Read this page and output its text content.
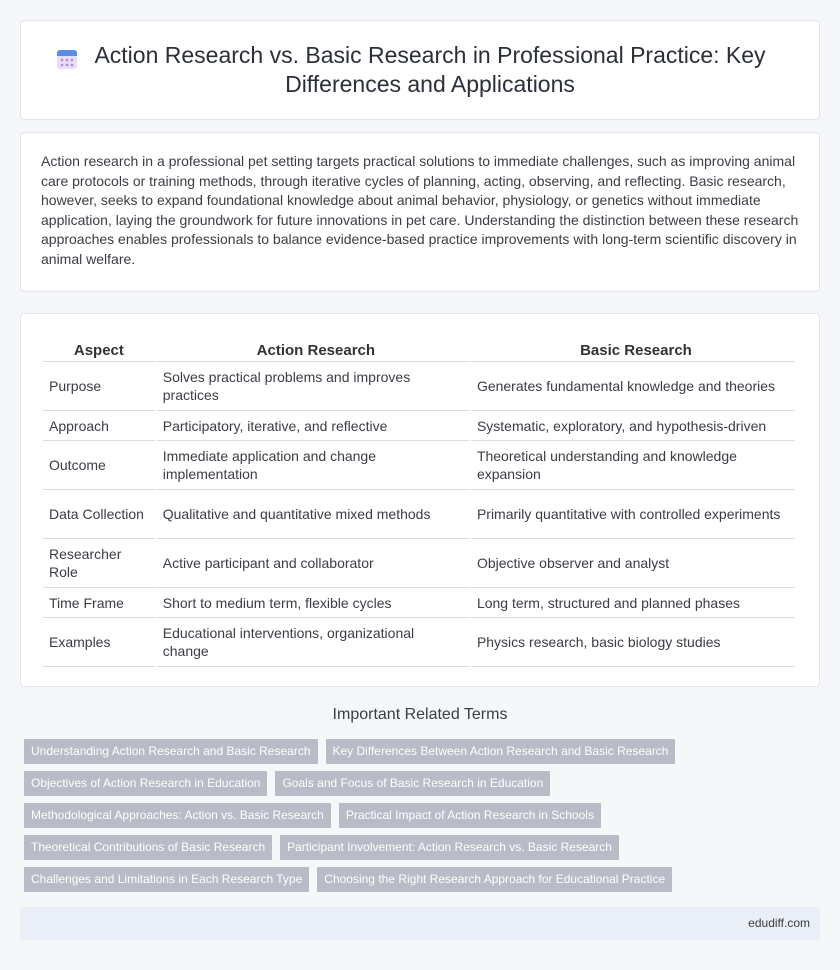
Action Research vs. Basic Research in Professional Practice: Key Differences and Applications

Action research in a professional pet setting targets practical solutions to immediate challenges, such as improving animal care protocols or training methods, through iterative cycles of planning, acting, observing, and reflecting. Basic research, however, seeks to expand foundational knowledge about animal behavior, physiology, or genetics without immediate application, laying the groundwork for future innovations in pet care. Understanding the distinction between these research approaches enables professionals to balance evidence-based practice improvements with long-term scientific discovery in animal welfare.

Aspect	Action Research	Basic Research
Purpose	Solves practical problems and improves practices	Generates fundamental knowledge and theories
Approach	Participatory, iterative, and reflective	Systematic, exploratory, and hypothesis-driven
Outcome	Immediate application and change implementation	Theoretical understanding and knowledge expansion
Data Collection	Qualitative and quantitative mixed methods	Primarily quantitative with controlled experiments
Researcher Role	Active participant and collaborator	Objective observer and analyst
Time Frame	Short to medium term, flexible cycles	Long term, structured and planned phases
Examples	Educational interventions, organizational change	Physics research, basic biology studies
Important Related Terms
Understanding Action Research and Basic Research	Key Differences Between Action Research and Basic Research
Objectives of Action Research in Education	Goals and Focus of Basic Research in Education
Methodological Approaches: Action vs. Basic Research	Practical Impact of Action Research in Schools
Theoretical Contributions of Basic Research	Participant Involvement: Action Research vs. Basic Research
Challenges and Limitations in Each Research Type	Choosing the Right Research Approach for Educational Practice
edudiff.com
